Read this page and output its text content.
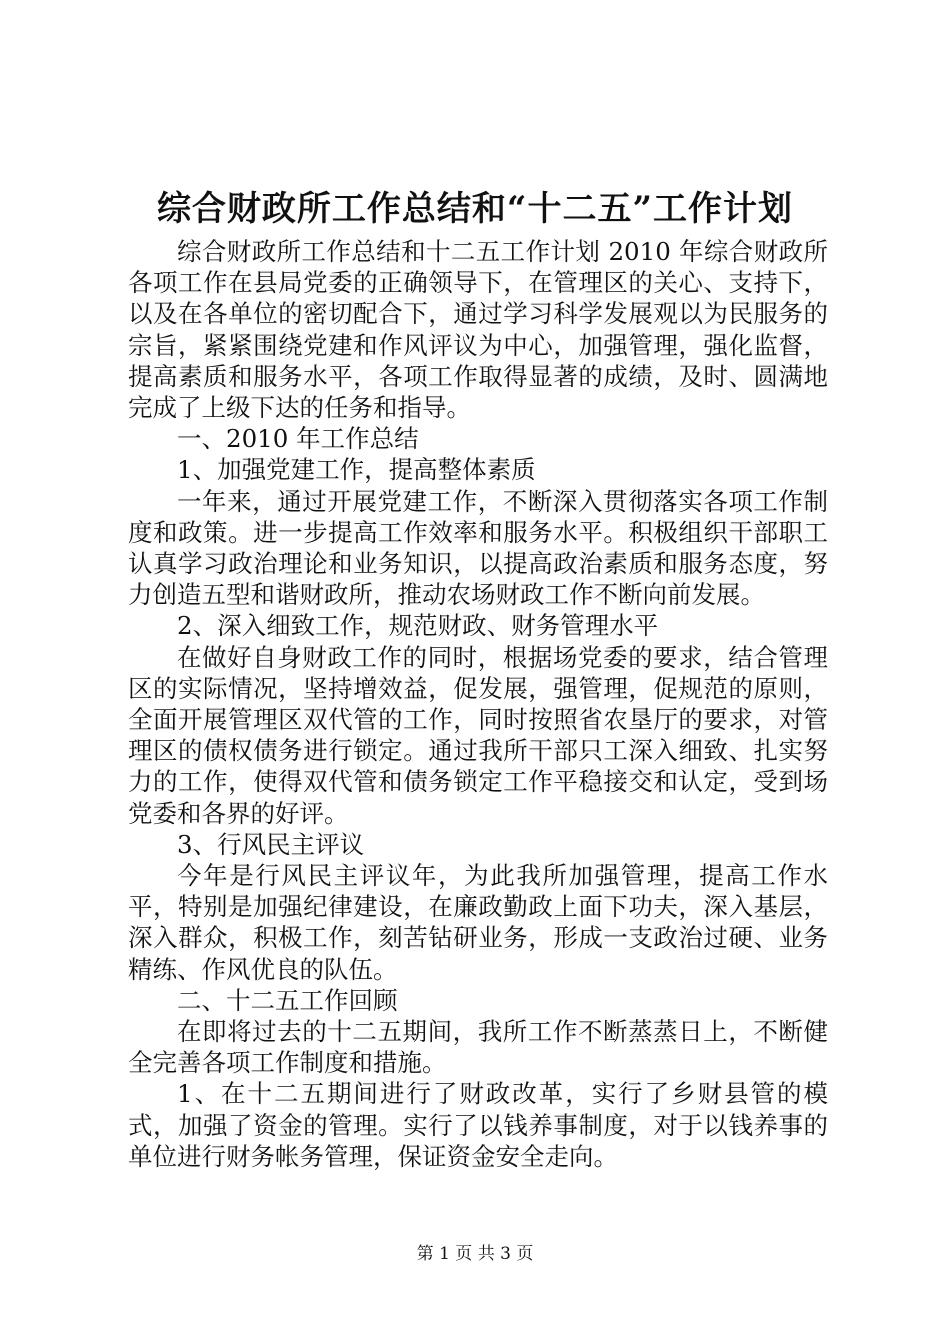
综合财政所工作总结和“十二五”工作计划

综合财政所工作总结和十二五工作计划 2010 年综合财政所各项工作在县局党委的正确领导下，在管理区的关心、支持下，以及在各单位的密切配合下，通过学习科学发展观以为民服务的宗旨，紧紧围绕党建和作风评议为中心，加强管理，强化监督，提高素质和服务水平，各项工作取得显著的成绩，及时、圆满地完成了上级下达的任务和指导。

一、2010 年工作总结

1、加强党建工作，提高整体素质

一年来，通过开展党建工作，不断深入贯彻落实各项工作制度和政策。进一步提高工作效率和服务水平。积极组织干部职工认真学习政治理论和业务知识，以提高政治素质和服务态度，努力创造五型和谐财政所，推动农场财政工作不断向前发展。

2、深入细致工作，规范财政、财务管理水平

在做好自身财政工作的同时，根据场党委的要求，结合管理区的实际情况，坚持增效益，促发展，强管理，促规范的原则，全面开展管理区双代管的工作，同时按照省农垦厅的要求，对管理区的债权债务进行锁定。通过我所干部只工深入细致、扎实努力的工作，使得双代管和债务锁定工作平稳接交和认定，受到场党委和各界的好评。

3、行风民主评议

今年是行风民主评议年，为此我所加强管理，提高工作水平，特别是加强纪律建设，在廉政勤政上面下功夫，深入基层，深入群众，积极工作，刻苦钻研业务，形成一支政治过硬、业务精练、作风优良的队伍。

二、十二五工作回顾

在即将过去的十二五期间，我所工作不断蒸蒸日上，不断健全完善各项工作制度和措施。

1、在十二五期间进行了财政改革，实行了乡财县管的模式，加强了资金的管理。实行了以钱养事制度，对于以钱养事的单位进行财务帐务管理，保证资金安全走向。

第 1 页 共 3 页
